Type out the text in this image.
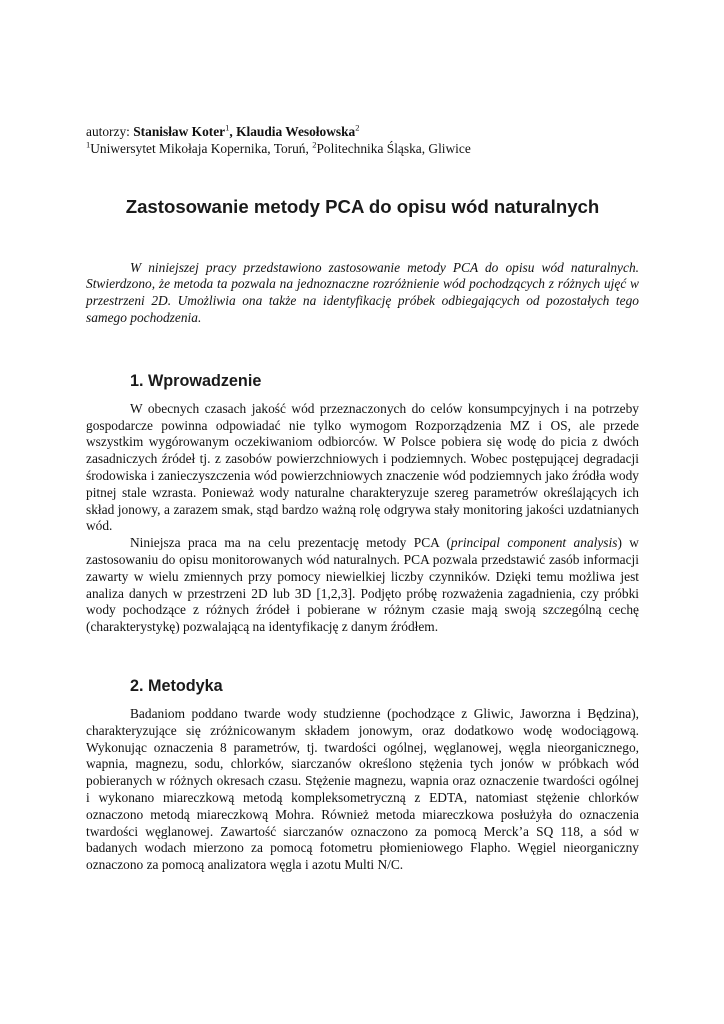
autorzy: Stanisław Koter$^1$, Klaudia Wesołowska$^2$

$^1$Uniwersytet Mikołaja Kopernika, Toruń, $^2$Politechnika Śląska, Gliwice

Zastosowanie metody PCA do opisu wód naturalnych

W niniejszej pracy przedstawiono zastosowanie metody PCA do opisu wód naturalnych. Stwierdzono, że metoda ta pozwala na jednoznaczne rozróżnienie wód pochodzących z różnych ujęć w przestrzeni 2D. Umożliwia ona także na identyfikację próbek odbiegających od pozostałych tego samego pochodzenia.

1. Wprowadzenie

W obecnych czasach jakość wód przeznaczonych do celów konsumpcyjnych i na potrzeby gospodarcze powinna odpowiadać nie tylko wymogom Rozporządzenia MZ i OS, ale przede wszystkim wygórowanym oczekiwaniom odbiorców. W Polsce pobiera się wodę do picia z dwóch zasadniczych źródeł tj. z zasobów powierzchniowych i podziemnych. Wobec postępującej degradacji środowiska i zanieczyszczenia wód powierzchniowych znaczenie wód podziemnych jako źródła wody pitnej stale wzrasta. Ponieważ wody naturalne charakteryzuje szereg parametrów określających ich skład jonowy, a zarazem smak, stąd bardzo ważną rolę odgrywa stały monitoring jakości uzdatnianych wód.

Niniejsza praca ma na celu prezentację metody PCA (principal component analysis) w zastosowaniu do opisu monitorowanych wód naturalnych. PCA pozwala przedstawić zasób informacji zawarty w wielu zmiennych przy pomocy niewielkiej liczby czynników. Dzięki temu możliwa jest analiza danych w przestrzeni 2D lub 3D [1,2,3]. Podjęto próbę rozważenia zagadnienia, czy próbki wody pochodzące z różnych źródeł i pobierane w różnym czasie mają swoją szczególną cechę (charakterystykę) pozwalającą na identyfikację z danym źródłem.

2. Metodyka

Badaniom poddano twarde wody studzienne (pochodzące z Gliwic, Jaworzna i Będzina), charakteryzujące się zróżnicowanym składem jonowym, oraz dodatkowo wodę wodociągową. Wykonując oznaczenia 8 parametrów, tj. twardości ogólnej, węglanowej, węgla nieorganicznego, wapnia, magnezu, sodu, chlorków, siarczanów określono stężenia tych jonów w próbkach wód pobieranych w różnych okresach czasu. Stężenie magnezu, wapnia oraz oznaczenie twardości ogólnej i wykonano miareczkową metodą kompleksometryczną z EDTA, natomiast stężenie chlorków oznaczono metodą miareczkową Mohra. Również metoda miareczkowa posłużyła do oznaczenia twardości węglanowej. Zawartość siarczanów oznaczono za pomocą Merck’a SQ 118, a sód w badanych wodach mierzono za pomocą fotometru płomieniowego Flapho. Węgiel nieorganiczny oznaczono za pomocą analizatora węgla i azotu Multi N/C.
